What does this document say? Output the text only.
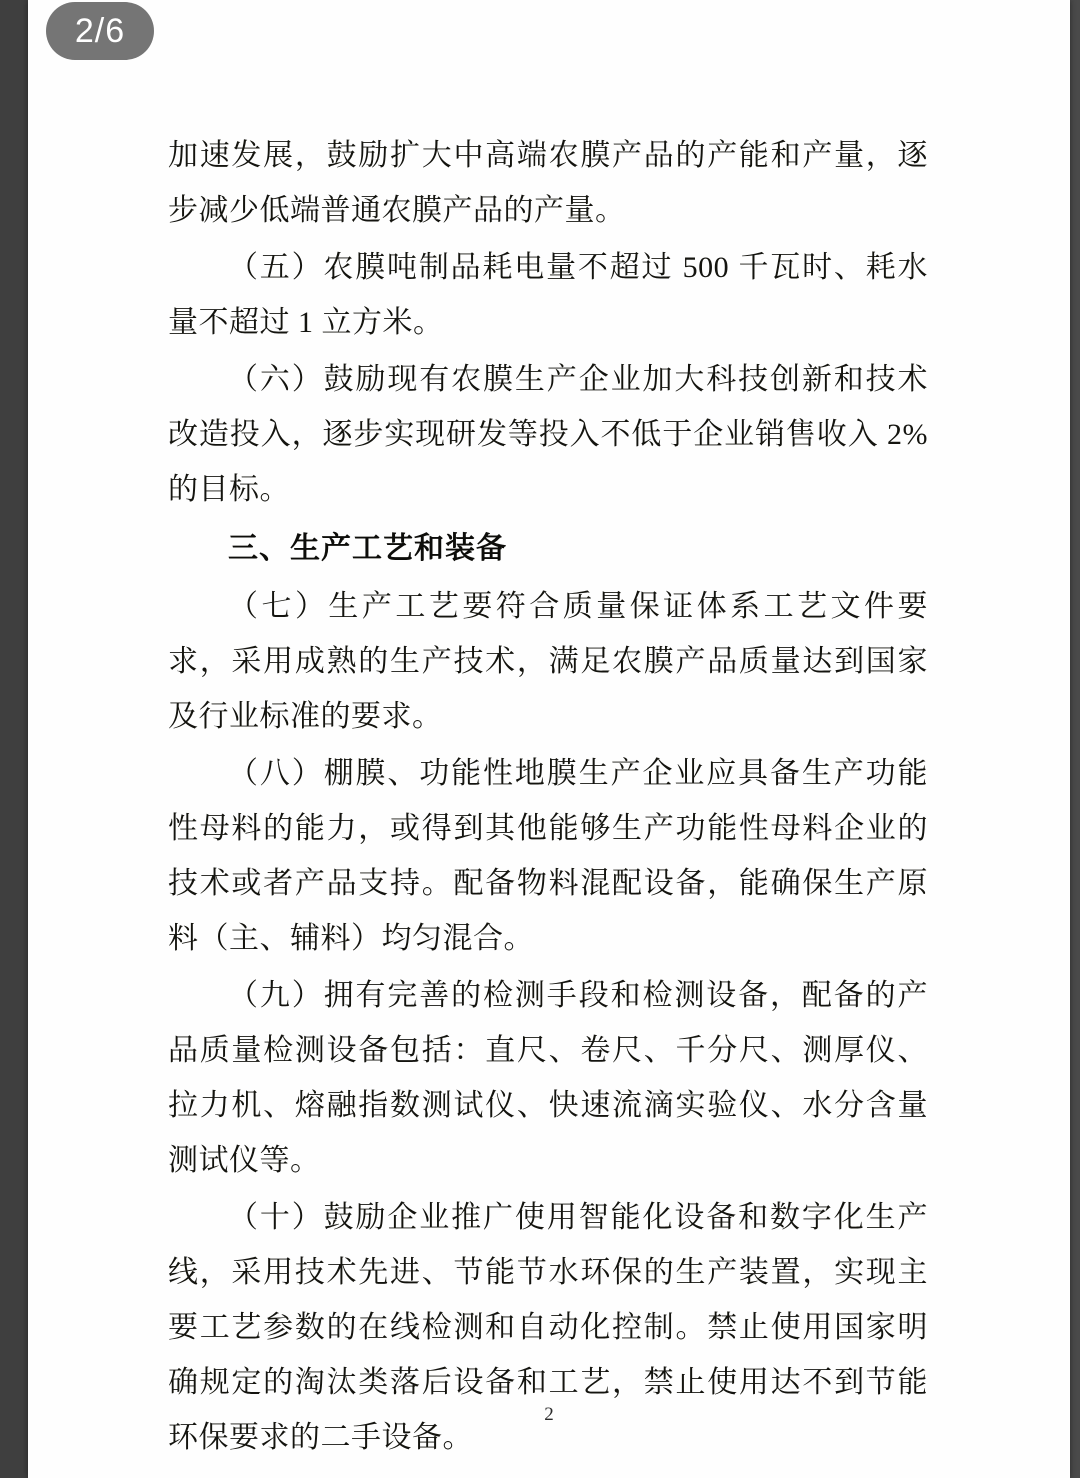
加速发展，鼓励扩大中高端农膜产品的产能和产量，逐步减少低端普通农膜产品的产量。

（五）农膜吨制品耗电量不超过 500 千瓦时、耗水量不超过 1 立方米。

（六）鼓励现有农膜生产企业加大科技创新和技术改造投入，逐步实现研发等投入不低于企业销售收入 2%的目标。

三、生产工艺和装备

（七）生产工艺要符合质量保证体系工艺文件要求，采用成熟的生产技术，满足农膜产品质量达到国家及行业标准的要求。

（八）棚膜、功能性地膜生产企业应具备生产功能性母料的能力，或得到其他能够生产功能性母料企业的技术或者产品支持。配备物料混配设备，能确保生产原料（主、辅料）均匀混合。

（九）拥有完善的检测手段和检测设备，配备的产品质量检测设备包括：直尺、卷尺、千分尺、测厚仪、拉力机、熔融指数测试仪、快速流滴实验仪、水分含量测试仪等。

（十）鼓励企业推广使用智能化设备和数字化生产线，采用技术先进、节能节水环保的生产装置，实现主要工艺参数的在线检测和自动化控制。禁止使用国家明确规定的淘汰类落后设备和工艺，禁止使用达不到节能环保要求的二手设备。

2
2/6
